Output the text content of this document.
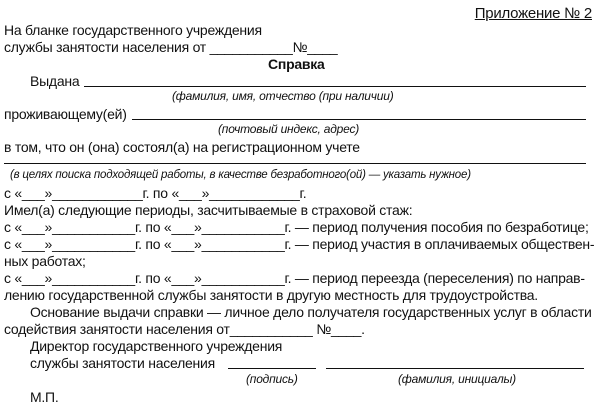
Приложение № 2
На бланке государственного учреждения
службы занятости населения от ___________№____
Справка
Выдана
(фамилия, имя, отчество (при наличии)
проживающему(ей)
(почтовый индекс, адрес)
в том, что он (она) состоял(а) на регистрационном учете
(в целях поиска подходящей работы, в качестве безработного(ой) — указать нужное)
с «___»____________г. по «___»____________г.
Имел(а) следующие периоды, засчитываемые в страховой стаж:
с «___»___________г. по «___»___________г. — период получения пособия по безработице;
с «___»___________г. по «___»___________г. — период участия в оплачиваемых обществен-
ных работах;
с «___»___________г. по «___»___________г. — период переезда (переселения) по направ-
лению государственной службы занятости в другую местность для трудоустройства.
Основание выдачи справки — личное дело получателя государственных услуг в области
содействия занятости населения от___________ №____.
Директор государственного учреждения
службы занятости населения
(подпись)	(фамилия, инициалы)
М.П.
